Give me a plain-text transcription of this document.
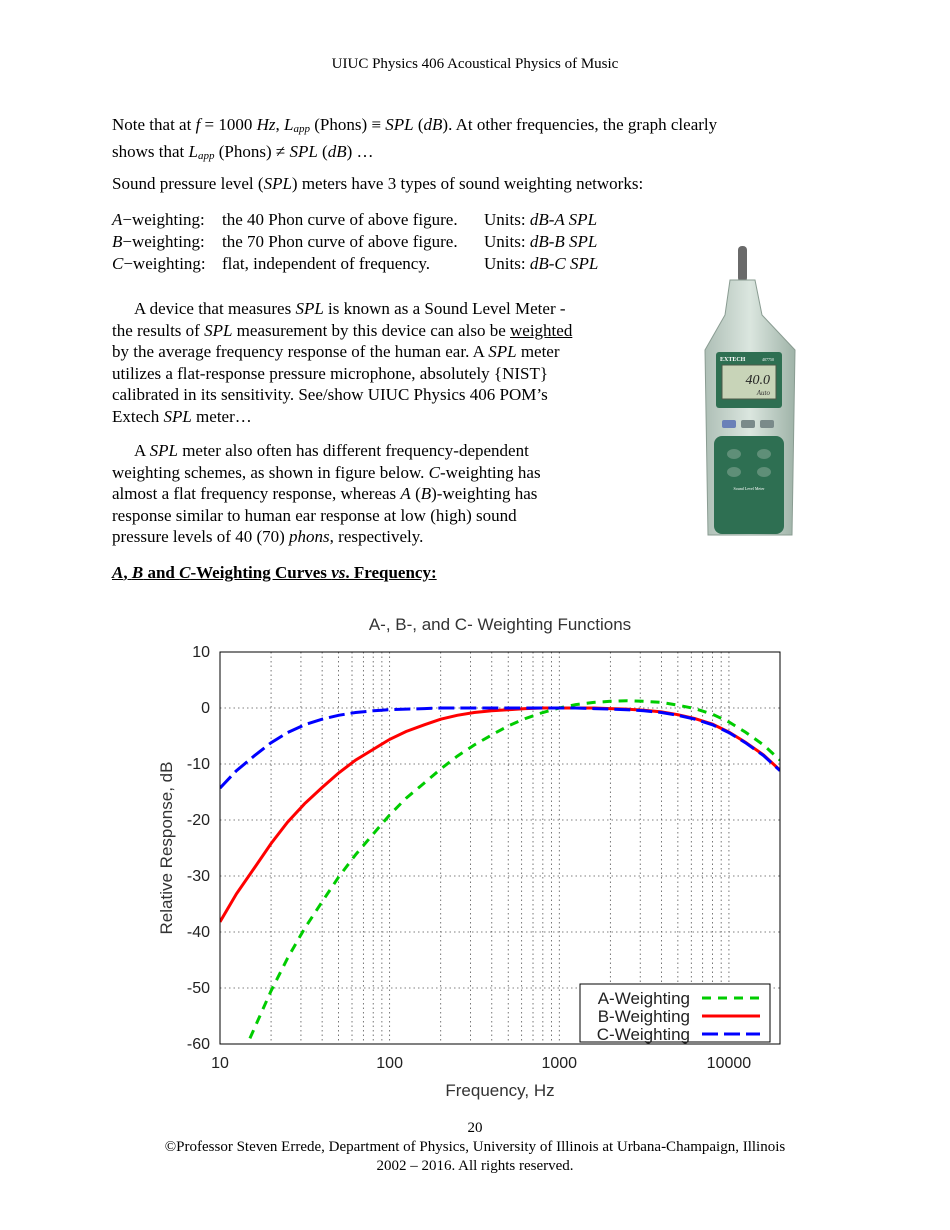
UIUC Physics 406 Acoustical Physics of Music
Note that at f = 1000 Hz, $L_{app}$ (Phons) ≡ SPL (dB). At other frequencies, the graph clearly
shows that $L_{app}$ (Phons) ≠ SPL (dB) …
Sound pressure level (SPL) meters have 3 types of sound weighting networks:
A−weighting: the 40 Phon curve of above figure. Units: dB-A SPL
B−weighting: the 70 Phon curve of above figure. Units: dB-B SPL
C−weighting: flat, independent of frequency.	Units: dB-C SPL
A device that measures SPL is known as a Sound Level Meter -
the results of SPL measurement by this device can also be weighted
by the average frequency response of the human ear. A SPL meter
utilizes a flat-response pressure microphone, absolutely {NIST}
calibrated in its sensitivity. See/show UIUC Physics 406 POM’s
Extech SPL meter…
A SPL meter also often has different frequency-dependent
weighting schemes, as shown in figure below. C-weighting has
almost a flat frequency response, whereas A (B)-weighting has
response similar to human ear response at low (high) sound
pressure levels of 40 (70) phons, respectively.
EXTECH	407750
40.0
Auto
Sound Level Meter
A, B and C-Weighting Curves vs. Frequency:
A-, B-, and C- Weighting Functions
Frequency, Hz
Relative Response, dB
10
0
-10
-20
-30
-40
-50
-60
10	100	1000	10000
A-Weighting
B-Weighting
C-Weighting
20
©Professor Steven Errede, Department of Physics, University of Illinois at Urbana-Champaign, Illinois
2002 – 2016. All rights reserved.
